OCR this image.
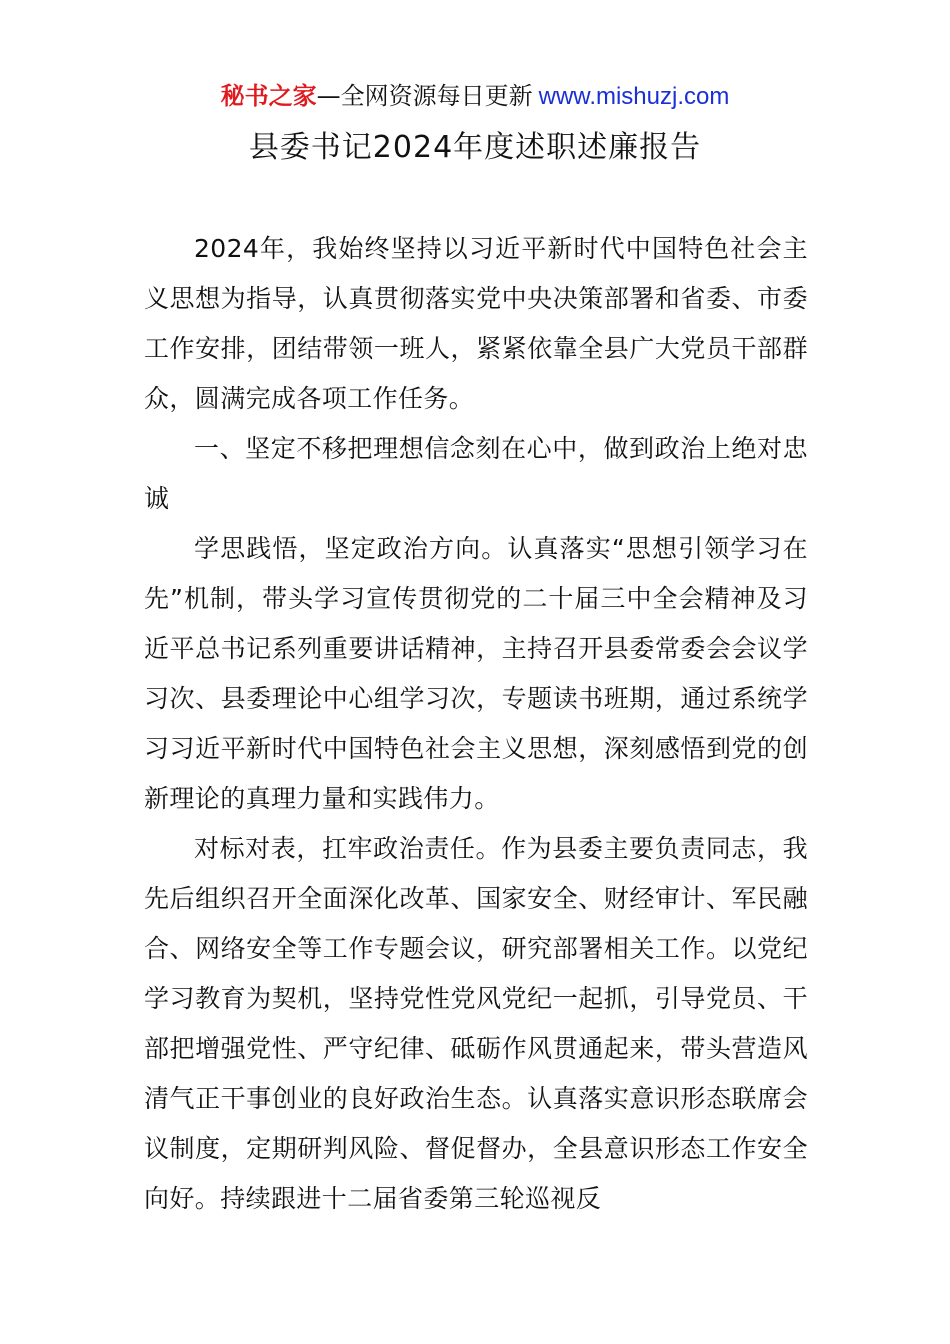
秘书之家—全网资源每日更新 www.mishuzj.com
县委书记2024年度述职述廉报告

2024年，我始终坚持以习近平新时代中国特色社会主义思想为指导，认真贯彻落实党中央决策部署和省委、市委工作安排，团结带领一班人，紧紧依靠全县广大党员干部群众，圆满完成各项工作任务。

一、坚定不移把理想信念刻在心中，做到政治上绝对忠诚

学思践悟，坚定政治方向。认真落实“思想引领学习在先”机制，带头学习宣传贯彻党的二十届三中全会精神及习近平总书记系列重要讲话精神，主持召开县委常委会会议学习次、县委理论中心组学习次，专题读书班期，通过系统学习习近平新时代中国特色社会主义思想，深刻感悟到党的创新理论的真理力量和实践伟力。

对标对表，扛牢政治责任。作为县委主要负责同志，我先后组织召开全面深化改革、国家安全、财经审计、军民融合、网络安全等工作专题会议，研究部署相关工作。以党纪学习教育为契机，坚持党性党风党纪一起抓，引导党员、干部把增强党性、严守纪律、砥砺作风贯通起来，带头营造风清气正干事创业的良好政治生态。认真落实意识形态联席会议制度，定期研判风险、督促督办，全县意识形态工作安全向好。持续跟进十二届省委第三轮巡视反
